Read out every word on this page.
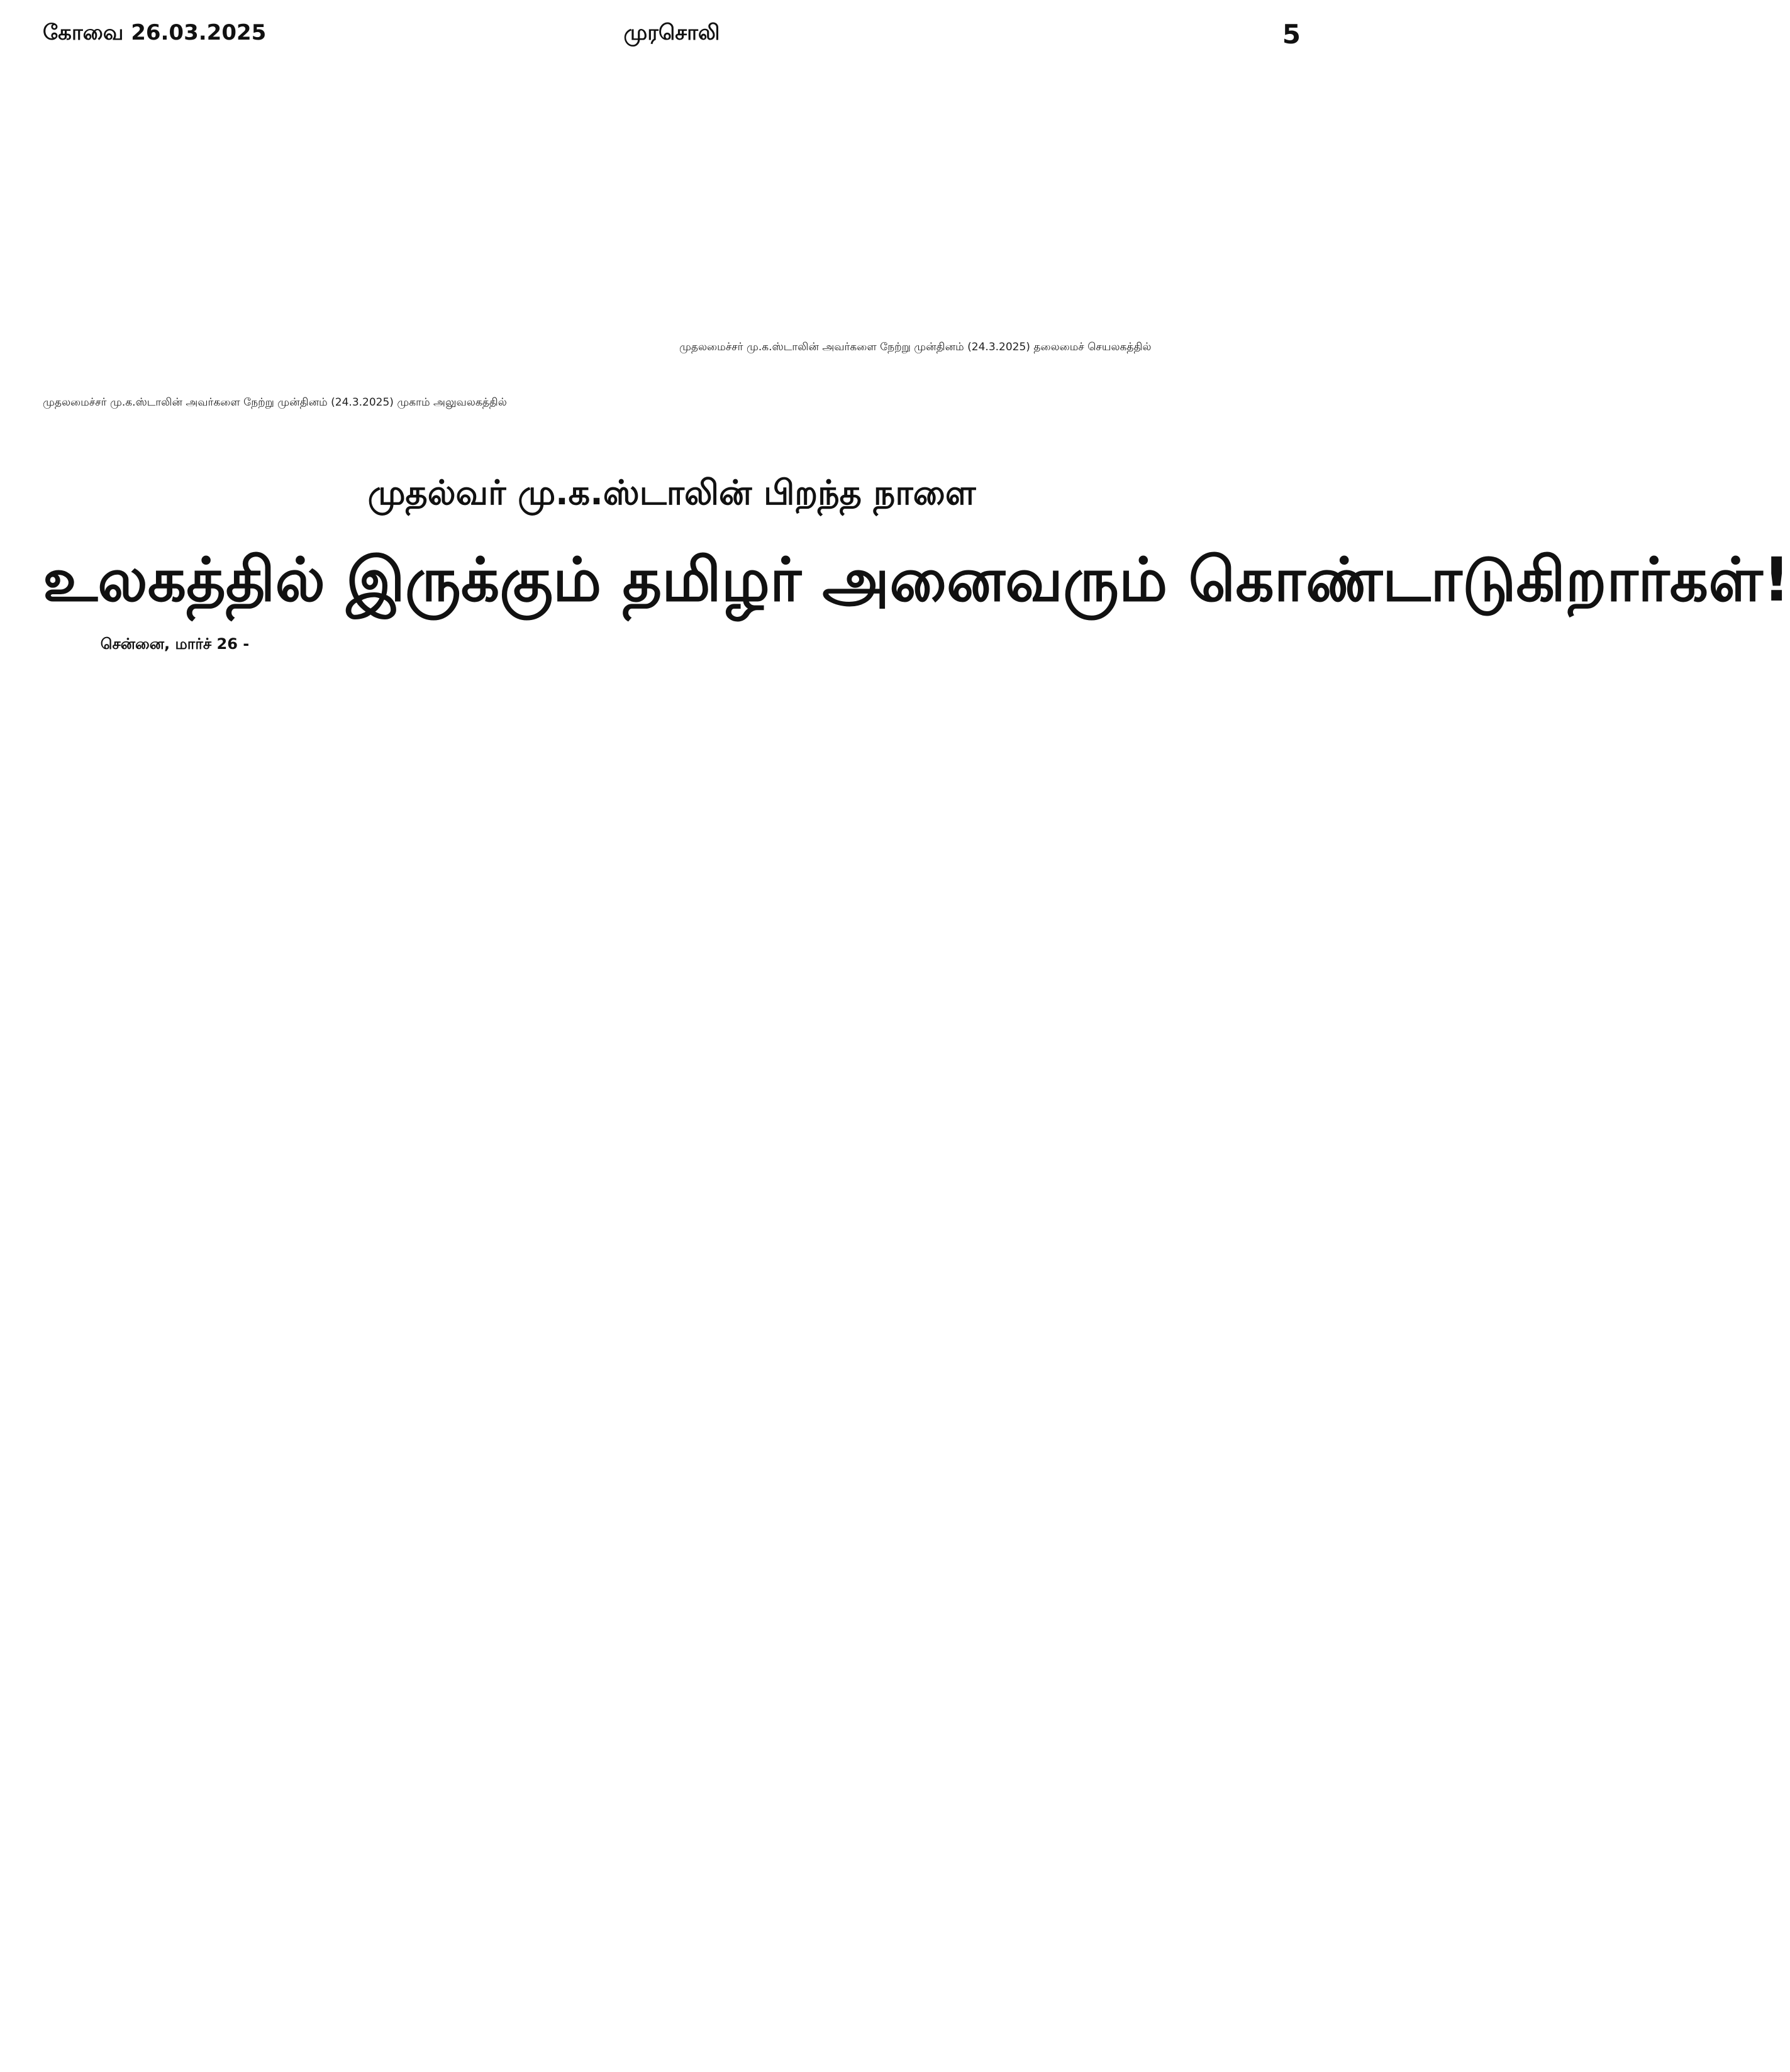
கோவை 26.03.2025	முரசொலி	5
முதலமைச்சர் மு.க.ஸ்டாலின் அவர்களை நேற்று முன்தினம் (24.3.2025) முகாம் அலுவலகத்தில்
முதலமைச்சர் மு.க.ஸ்டாலின் அவர்களை நேற்று முன்தினம் (24.3.2025) தலைமைச் செயலகத்தில்
முதல்வர் மு.க.ஸ்டாலின் பிறந்த நாளை
உலகத்தில் இருக்கும் தமிழர் அனைவரும் கொண்டாடுகிறார்கள்!
சென்னை, மார்ச் 26 -
